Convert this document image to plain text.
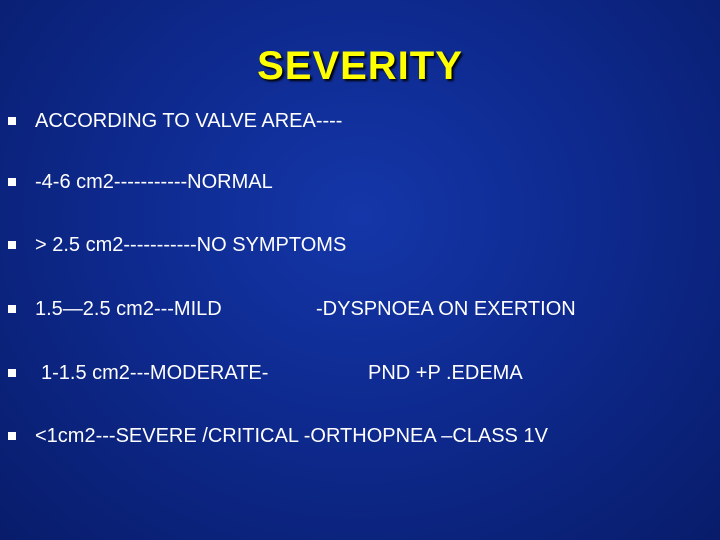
SEVERITY
ACCORDING TO VALVE AREA----
-4-6 cm2-----------NORMAL
> 2.5 cm2-----------NO SYMPTOMS
1.5—2.5 cm2---MILD	-DYSPNOEA ON EXERTION
1-1.5 cm2---MODERATE-	PND +P .EDEMA
<1cm2---SEVERE /CRITICAL -ORTHOPNEA –CLASS 1V
